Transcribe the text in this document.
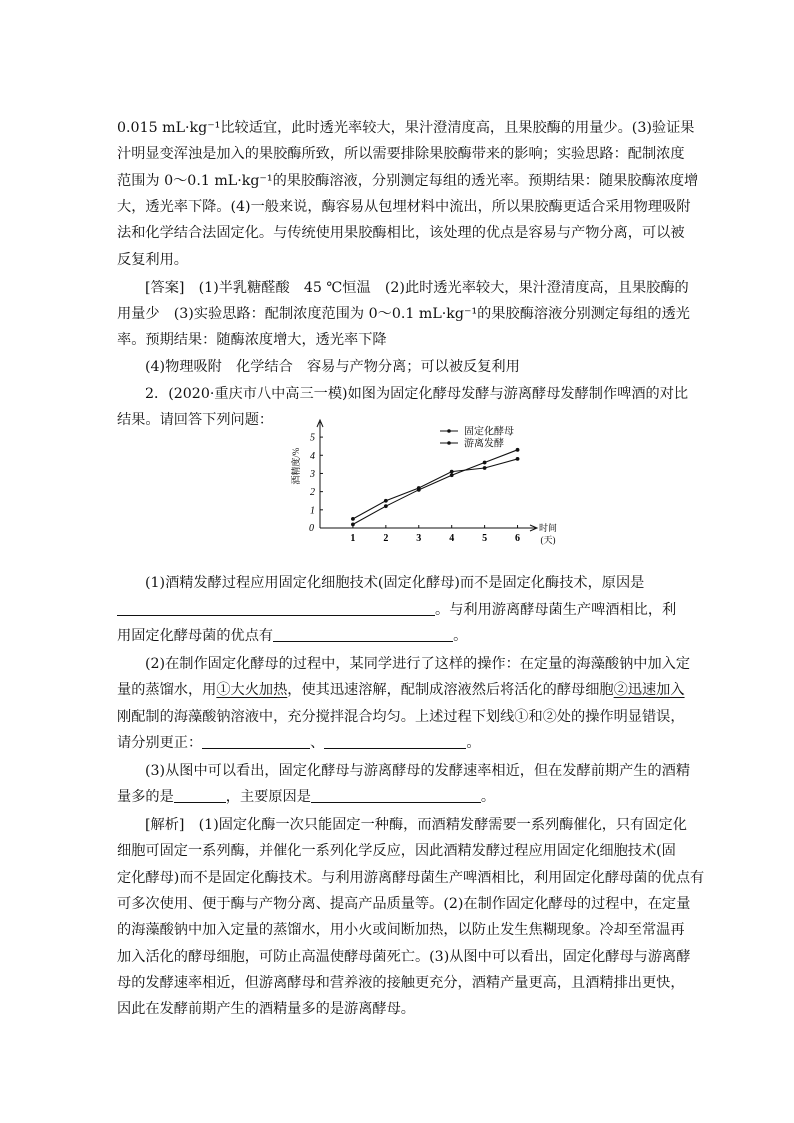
0.015 mL·kg⁻¹比较适宜，此时透光率较大，果汁澄清度高，且果胶酶的用量少。(3)验证果
汁明显变浑浊是加入的果胶酶所致，所以需要排除果胶酶带来的影响；实验思路：配制浓度
范围为 0～0.1 mL·kg⁻¹的果胶酶溶液，分别测定每组的透光率。预期结果：随果胶酶浓度增
大，透光率下降。(4)一般来说，酶容易从包埋材料中流出，所以果胶酶更适合采用物理吸附
法和化学结合法固定化。与传统使用果胶酶相比，该处理的优点是容易与产物分离，可以被
反复利用。
[答案]　(1)半乳糖醛酸　45 ℃恒温　(2)此时透光率较大，果汁澄清度高，且果胶酶的
用量少　(3)实验思路：配制浓度范围为 0～0.1 mL·kg⁻¹的果胶酶溶液分别测定每组的透光
率。预期结果：随酶浓度增大，透光率下降
(4)物理吸附　化学结合　容易与产物分离；可以被反复利用
2．(2020·重庆市八中高三一模)如图为固定化酵母发酵与游离酵母发酵制作啤酒的对比
结果。请回答下列问题：
1
2
3
4
5
1	2	3	4	5	6
0	时间
(天)
酒精度/%
固定化酵母
游离发酵
(1)酒精发酵过程应用固定化细胞技术(固定化酵母)而不是固定化酶技术，原因是
。与利用游离酵母菌生产啤酒相比，利
用固定化酵母菌的优点有	。
(2)在制作固定化酵母的过程中，某同学进行了这样的操作：在定量的海藻酸钠中加入定
量的蒸馏水，用①大火加热，使其迅速溶解，配制成溶液然后将活化的酵母细胞②迅速加入
刚配制的海藻酸钠溶液中，充分搅拌混合均匀。上述过程下划线①和②处的操作明显错误，
请分别更正：	、	。
(3)从图中可以看出，固定化酵母与游离酵母的发酵速率相近，但在发酵前期产生的酒精
量多的是	，主要原因是	。
[解析]　(1)固定化酶一次只能固定一种酶，而酒精发酵需要一系列酶催化，只有固定化
细胞可固定一系列酶，并催化一系列化学反应，因此酒精发酵过程应用固定化细胞技术(固
定化酵母)而不是固定化酶技术。与利用游离酵母菌生产啤酒相比，利用固定化酵母菌的优点有
可多次使用、便于酶与产物分离、提高产品质量等。(2)在制作固定化酵母的过程中，在定量
的海藻酸钠中加入定量的蒸馏水，用小火或间断加热，以防止发生焦糊现象。冷却至常温再
加入活化的酵母细胞，可防止高温使酵母菌死亡。(3)从图中可以看出，固定化酵母与游离酵
母的发酵速率相近，但游离酵母和营养液的接触更充分，酒精产量更高，且酒精排出更快，
因此在发酵前期产生的酒精量多的是游离酵母。
